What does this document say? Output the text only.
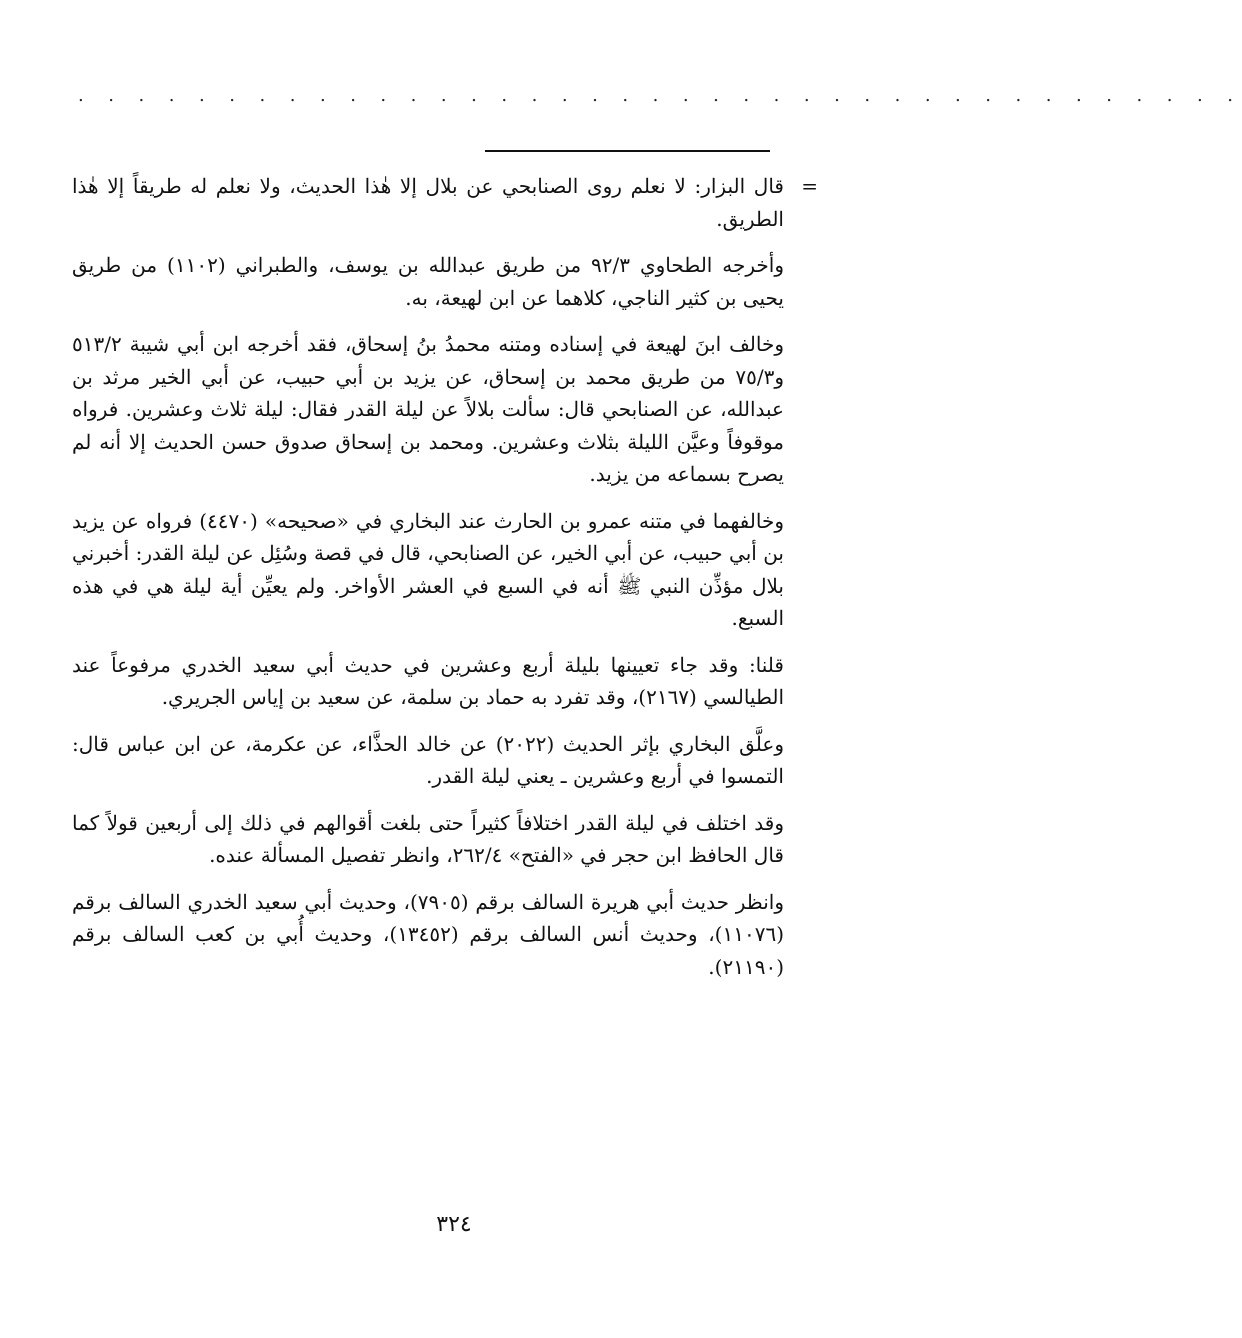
. . . . . . . . . . . . . . . . . . . . . . . . . . . . . . . . . . . . . . .

=
قال البزار: لا نعلم روى الصنابحي عن بلال إلا هٰذا الحديث، ولا نعلم له طريقاً إلا هٰذا الطريق.

وأخرجه الطحاوي ٩٢/٣ من طريق عبدالله بن يوسف، والطبراني (١١٠٢) من طريق يحيى بن كثير الناجي، كلاهما عن ابن لهيعة، به.

وخالف ابنَ لهيعة في إسناده ومتنه محمدُ بنُ إسحاق، فقد أخرجه ابن أبي شيبة ٥١٣/٢ و٧٥/٣ من طريق محمد بن إسحاق، عن يزيد بن أبي حبيب، عن أبي الخير مرثد بن عبدالله، عن الصنابحي قال: سألت بلالاً عن ليلة القدر فقال: ليلة ثلاث وعشرين. فرواه موقوفاً وعيَّن الليلة بثلاث وعشرين. ومحمد بن إسحاق صدوق حسن الحديث إلا أنه لم يصرح بسماعه من يزيد.

وخالفهما في متنه عمرو بن الحارث عند البخاري في «صحيحه» (٤٤٧٠) فرواه عن يزيد بن أبي حبيب، عن أبي الخير، عن الصنابحي، قال في قصة وسُئِل عن ليلة القدر: أخبرني بلال مؤذِّن النبي ﷺ أنه في السبع في العشر الأواخر. ولم يعيِّن أية ليلة هي في هذه السبع.

قلنا: وقد جاء تعيينها بليلة أربع وعشرين في حديث أبي سعيد الخدري مرفوعاً عند الطيالسي (٢١٦٧)، وقد تفرد به حماد بن سلمة، عن سعيد بن إياس الجريري.

وعلَّق البخاري بإثر الحديث (٢٠٢٢) عن خالد الحذَّاء، عن عكرمة، عن ابن عباس قال: التمسوا في أربع وعشرين ـ يعني ليلة القدر.

وقد اختلف في ليلة القدر اختلافاً كثيراً حتى بلغت أقوالهم في ذلك إلى أربعين قولاً كما قال الحافظ ابن حجر في «الفتح» ٢٦٢/٤، وانظر تفصيل المسألة عنده.

وانظر حديث أبي هريرة السالف برقم (٧٩٠٥)، وحديث أبي سعيد الخدري السالف برقم (١١٠٧٦)، وحديث أنس السالف برقم (١٣٤٥٢)، وحديث أُبي بن كعب السالف برقم (٢١١٩٠).

٣٢٤
